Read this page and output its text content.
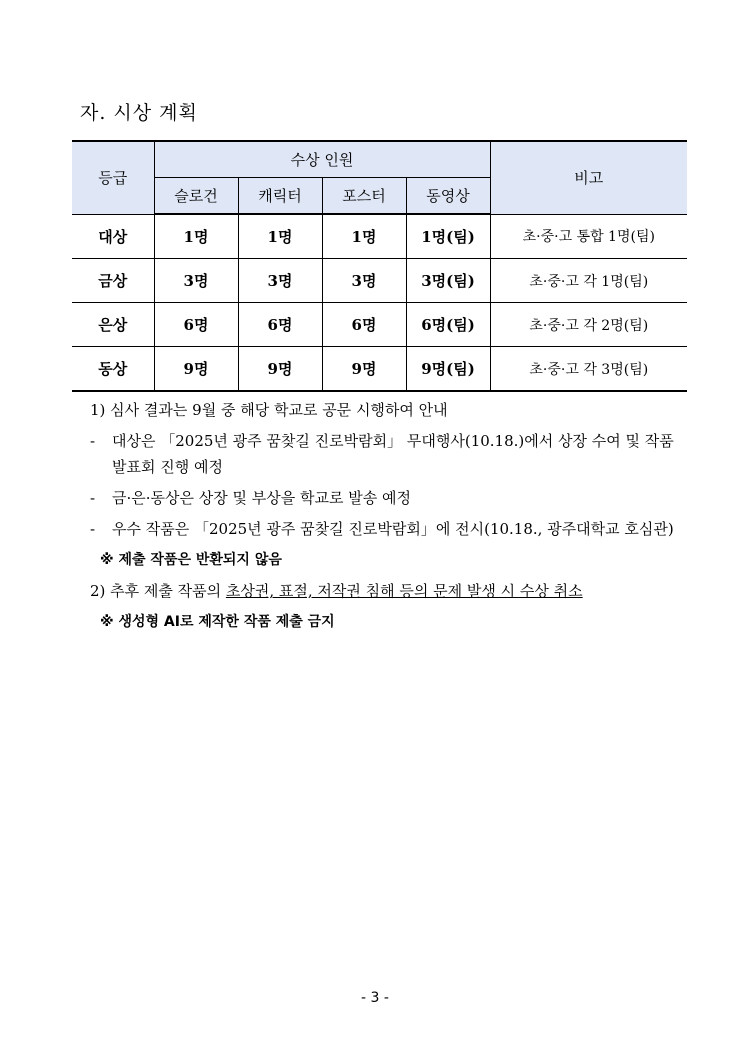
자. 시상 계획
등급	수상 인원				비고
	슬로건	캐릭터	포스터	동영상	
대상	1명	1명	1명	1명(팀)	초·중·고 통합 1명(팀)
금상	3명	3명	3명	3명(팀)	초·중·고 각 1명(팀)
은상	6명	6명	6명	6명(팀)	초·중·고 각 2명(팀)
동상	9명	9명	9명	9명(팀)	초·중·고 각 3명(팀)
1) 심사 결과는 9월 중 해당 학교로 공문 시행하여 안내
- 대상은 「2025년 광주 꿈찾길 진로박람회」 무대행사(10.18.)에서 상장 수여 및 작품
발표회 진행 예정
- 금·은·동상은 상장 및 부상을 학교로 발송 예정
- 우수 작품은 「2025년 광주 꿈찾길 진로박람회」에 전시(10.18., 광주대학교 호심관)
※ 제출 작품은 반환되지 않음
2) 추후 제출 작품의 초상권, 표절, 저작권 침해 등의 문제 발생 시 수상 취소
※ 생성형 AI로 제작한 작품 제출 금지
- 3 -
